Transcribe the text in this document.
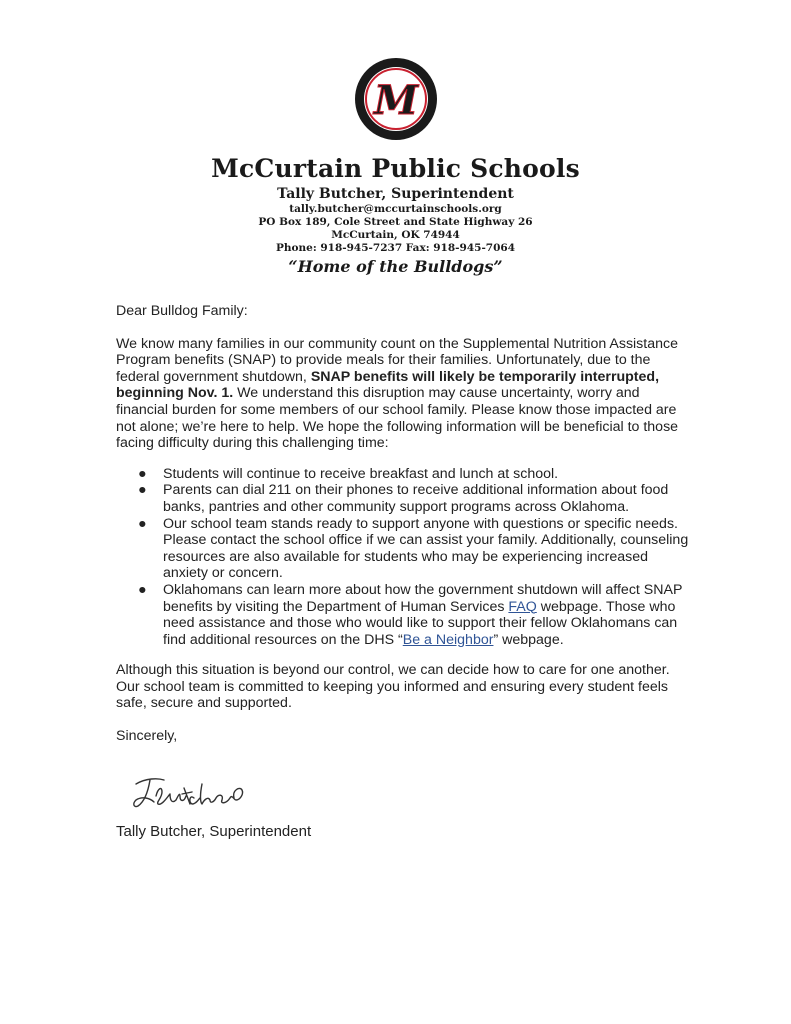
M
McCurtain Public Schools
Tally Butcher, Superintendent
tally.butcher@mccurtainschools.org
PO Box 189, Cole Street and State Highway 26
McCurtain, OK 74944
Phone: 918-945-7237 Fax: 918-945-7064
“Home of the Bulldogs”

Dear Bulldog Family:

We know many families in our community count on the Supplemental Nutrition Assistance Program benefits (SNAP) to provide meals for their families. Unfortunately, due to the federal government shutdown, SNAP benefits will likely be temporarily interrupted, beginning Nov. 1. We understand this disruption may cause uncertainty, worry and financial burden for some members of our school family. Please know those impacted are not alone; we’re here to help. We hope the following information will be beneficial to those facing difficulty during this challenging time:

● Students will continue to receive breakfast and lunch at school.
● Parents can dial 211 on their phones to receive additional information about food banks, pantries and other community support programs across Oklahoma.
● Our school team stands ready to support anyone with questions or specific needs. Please contact the school office if we can assist your family. Additionally, counseling resources are also available for students who may be experiencing increased anxiety or concern.
● Oklahomans can learn more about how the government shutdown will affect SNAP benefits by visiting the Department of Human Services FAQ webpage. Those who need assistance and those who would like to support their fellow Oklahomans can find additional resources on the DHS “Be a Neighbor” webpage.

Although this situation is beyond our control, we can decide how to care for one another. Our school team is committed to keeping you informed and ensuring every student feels safe, secure and supported.

Sincerely,

Tally Butcher, Superintendent
